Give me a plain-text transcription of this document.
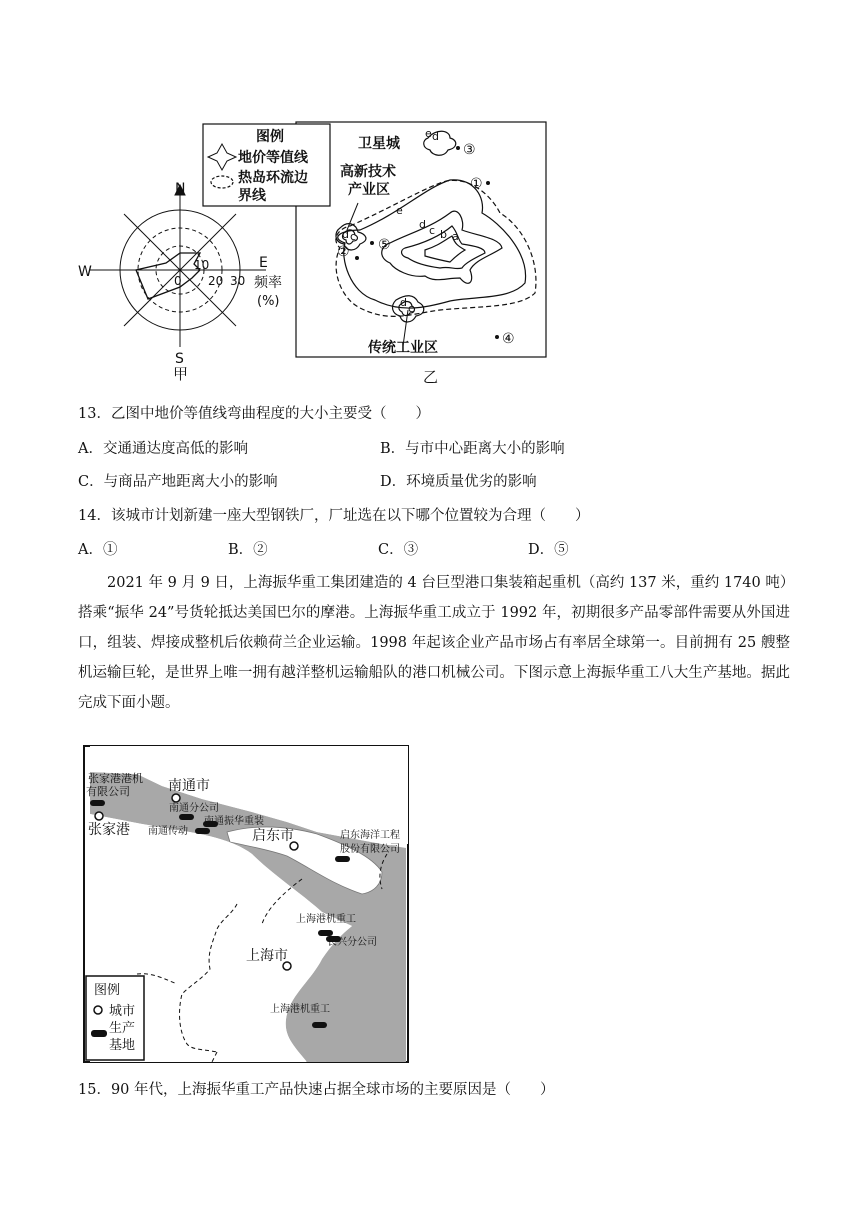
N
S
E
W
0
10
20 30 频率
(%)
甲
图例
地价等值线
热岛环流边
界线
卫星城
高新技术
产业区
传统工业区
a
b
c
d
e
d
e
d c
d c
①
②
③
④
⑤
乙
13．乙图中地价等值线弯曲程度的大小主要受（　　）
A．交通通达度高低的影响	B．与市中心距离大小的影响
C．与商品产地距离大小的影响	D．环境质量优劣的影响
14．该城市计划新建一座大型钢铁厂，厂址选在以下哪个位置较为合理（　　）
A．①	B．②	C．③	D．⑤
2021 年 9 月 9 日，上海振华重工集团建造的 4 台巨型港口集装箱起重机（高约 137 米，重约 1740 吨）
搭乘“振华 24”号货轮抵达美国巴尔的摩港。上海振华重工成立于 1992 年，初期很多产品零部件需要从外国进口，组装、焊接成整机后依赖荷兰企业运输。1998 年起该企业产品市场占有率居全球第一。目前拥有 25 艘整机运输巨轮，是世界上唯一拥有越洋整机运输船队的港口机械公司。下图示意上海振华重工八大生产基地。据此完成下面小题。
南通市
张家港	启东市
上海市
张家港港机
有限公司
南通分公司
南通振华重装
南通传动	启东海洋工程
股份有限公司
上海港机重工
长兴分公司
上海港机重工
图例
城市
生产
基地
15．90 年代，上海振华重工产品快速占据全球市场的主要原因是（　　）
